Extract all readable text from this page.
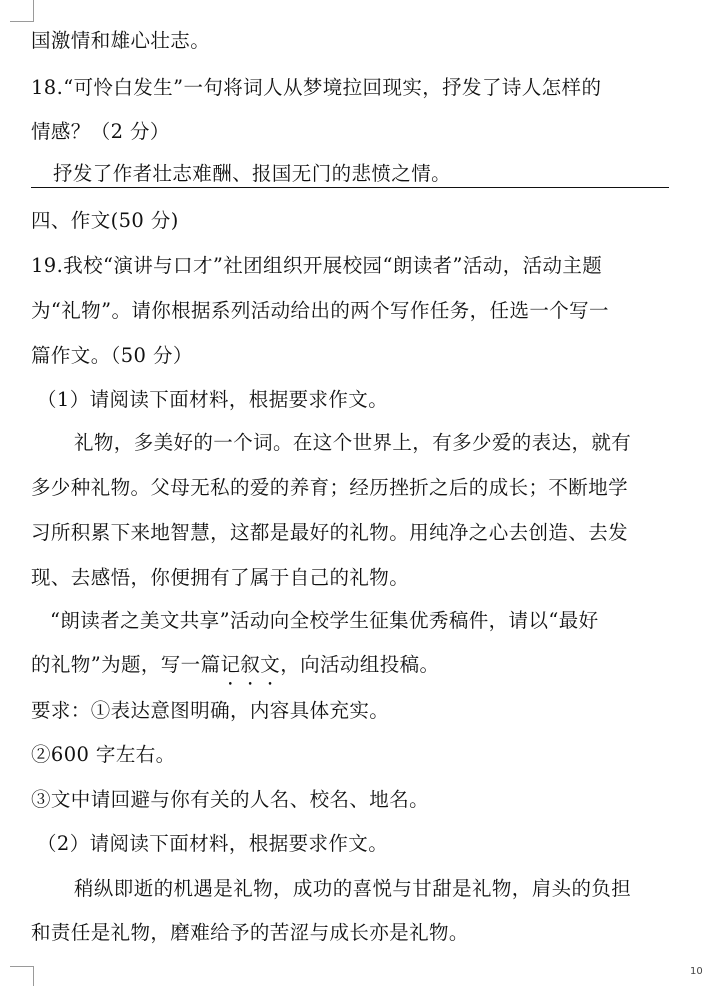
国激情和雄心壮志。
18.“可怜白发生”一句将词人从梦境拉回现实，抒发了诗人怎样的
情感？（2 分）
抒发了作者壮志难酬、报国无门的悲愤之情。
四、作文(50 分)
19.我校“演讲与口才”社团组织开展校园“朗读者”活动，活动主题
为“礼物”。请你根据系列活动给出的两个写作任务，任选一个写一
篇作文。（50 分）
（1）请阅读下面材料，根据要求作文。
礼物，多美好的一个词。在这个世界上，有多少爱的表达，就有
多少种礼物。父母无私的爱的养育；经历挫折之后的成长；不断地学
习所积累下来地智慧，这都是最好的礼物。用纯净之心去创造、去发
现、去感悟，你便拥有了属于自己的礼物。
“朗读者之美文共享”活动向全校学生征集优秀稿件，请以“最好
的礼物”为题，写一篇记叙文，向活动组投稿。
要求：①表达意图明确，内容具体充实。
②600 字左右。
③文中请回避与你有关的人名、校名、地名。
（2）请阅读下面材料，根据要求作文。
稍纵即逝的机遇是礼物，成功的喜悦与甘甜是礼物，肩头的负担
和责任是礼物，磨难给予的苦涩与成长亦是礼物。
10
